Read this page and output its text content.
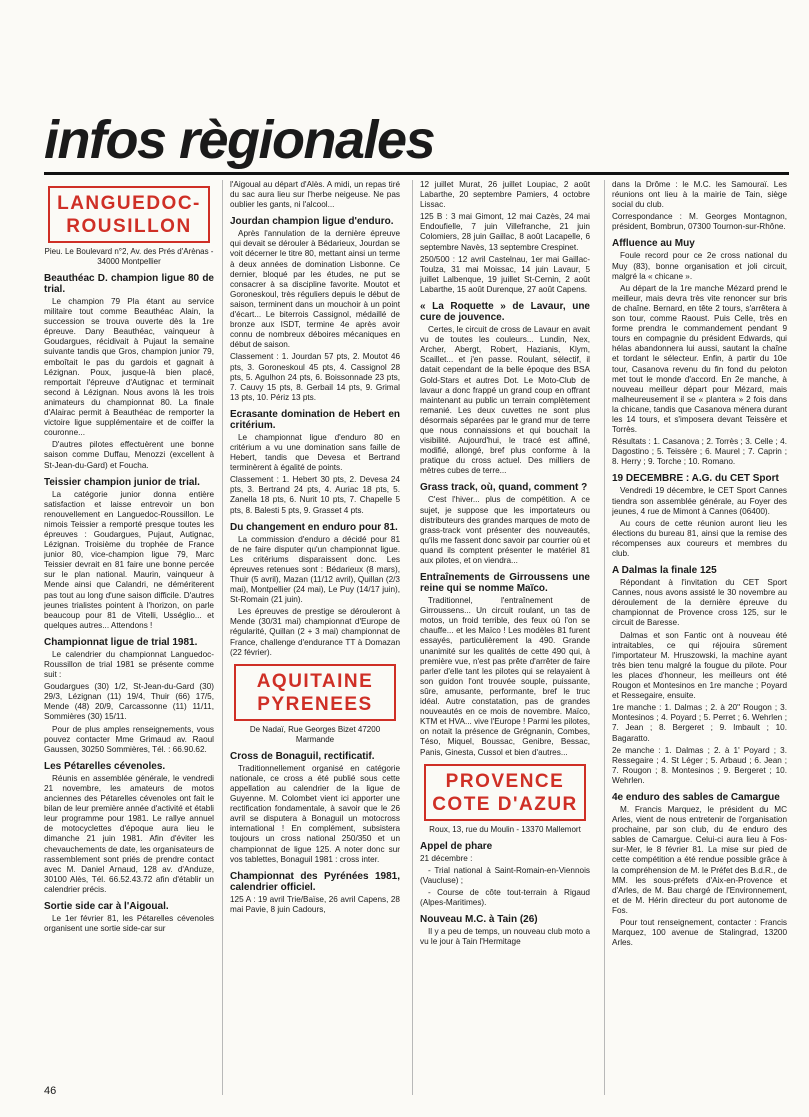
infos règionales
LANGUEDOC-ROUSILLON
Pieu. Le Boulevard n°2, Av. des Prés d'Arènas - 34000 Montpellier
Beauthéac D. champion ligue 80 de trial.

Le champion 79 Pla étant au service militaire tout comme Beauthéac Alain, la succession se trouva ouverte dès la 1re épreuve. Dany Beauthéac, vainqueur à Goudargues, récidivait à Pujaut la semaine suivante tandis que Gros, champion junior 79, emboîtait le pas du gardois et gagnait à Lézignan. Poux, jusque-là bien placé, remportait l'épreuve d'Autignac et terminait second à Lézignan. Nous avons là les trois animateurs du championnat 80. La finale d'Alairac permit à Beauthéac de remporter la victoire ligue supplémentaire et de coiffer la couronne...

D'autres pilotes effectuèrent une bonne saison comme Duffau, Menozzi (excellent à St-Jean-du-Gard) et Foucha.

Teissier champion junior de trial.

La catégorie junior donna entière satisfaction et laisse entrevoir un bon renouvellement en Languedoc-Roussillon. Le nimois Teissier a remporté presque toutes les épreuves : Goudargues, Pujaut, Autignac, Lézignan. Troisième du trophée de France junior 80, vice-champion ligue 79, Marc Teissier devrait en 81 faire une bonne percée sur le plan national. Maurin, vainqueur à Mende ainsi que Calandri, ne démériterent pas tout au long d'une saison difficile. D'autres jeunes trialistes pointent à l'horizon, on parle beaucoup pour 81 de Vitelli, Usséglio... et quelques autres... Attendons !

Championnat ligue de trial 1981.

Le calendrier du championnat Languedoc-Roussillon de trial 1981 se présente comme suit :

Goudargues (30) 1/2, St-Jean-du-Gard (30) 29/3, Lézignan (11) 19/4, Thuir (66) 17/5, Mende (48) 20/9, Carcassonne (11) 11/11, Sommières (30) 15/11.

Pour de plus amples renseignements, vous pouvez contacter Mme Grimaud av. Raoul Gaussen, 30250 Sommières, Tél. : 66.90.62.

Les Pétarelles cévenoles.

Réunis en assemblée générale, le vendredi 21 novembre, les amateurs de motos anciennes des Pétarelles cévenoles ont fait le bilan de leur première année d'activité et établi leur programme pour 1981. Le rallye annuel de motocyclettes d'époque aura lieu le dimanche 21 juin 1981. Afin d'éviter les chevauchements de date, les organisateurs de rassemblement sont priés de prendre contact avec M. Daniel Arnaud, 128 av. d'Anduze, 30100 Alès, Tél. 66.52.43.72 afin d'établir un calendrier précis.

Sortie side car à l'Aigoual.

Le 1er février 81, les Pétarelles cévenoles organisent une sortie side-car sur

l'Aigoual au départ d'Alès. A midi, un repas tiré du sac aura lieu sur l'herbe neigeuse. Ne pas oublier les gants, ni l'alcool...

Jourdan champion ligue d'enduro.

Après l'annulation de la dernière épreuve qui devait se dérouler à Bédarieux, Jourdan se voit décerner le titre 80, mettant ainsi un terme à deux années de domination Lisbonne. Ce dernier, bloqué par les études, ne put se consacrer à sa discipline favorite. Moutot et Goroneskoul, très réguliers depuis le début de saison, terminent dans un mouchoir à un point d'écart... Le biterrois Cassignol, médaillé de bronze aux ISDT, termine 4e après avoir connu de nombreux déboires mécaniques en début de saison.

Classement : 1. Jourdan 57 pts, 2. Moutot 46 pts, 3. Goroneskoul 45 pts, 4. Cassignol 28 pts, 5. Agulhon 24 pts, 6. Boissonnade 23 pts, 7. Cauvy 15 pts, 8. Gerbail 14 pts, 9. Grimal 13 pts, 10. Périz 13 pts.

Ecrasante domination de Hebert en critérium.

Le championnat ligue d'enduro 80 en critérium a vu une domination sans faille de Hebert, tandis que Devesa et Bertrand terminèrent à égalité de points.

Classement : 1. Hebert 30 pts, 2. Devesa 24 pts, 3. Bertrand 24 pts, 4. Auriac 18 pts, 5. Zanella 18 pts, 6. Nurit 10 pts, 7. Chapelle 5 pts, 8. Balesti 5 pts, 9. Grasset 4 pts.

Du changement en enduro pour 81.

La commission d'enduro a décidé pour 81 de ne faire disputer qu'un championnat ligue. Les critériums disparaissent donc. Les épreuves retenues sont : Bédarieux (8 mars), Thuir (5 avril), Mazan (11/12 avril), Quillan (2/3 mai), Montpellier (24 mai), Le Puy (14/17 juin), St-Romain (21 juin).

Les épreuves de prestige se dérouleront à Mende (30/31 mai) championnat d'Europe de régularité, Quillan (2 + 3 mai) championnat de France, challenge d'endurance TT à Domazan (22 février).

AQUITAINE PYRENEES
De Nadaï, Rue Georges Bizet 47200 Marmande
Cross de Bonaguil, rectificatif.

Traditionnellement organisé en catégorie nationale, ce cross a été publié sous cette appellation au calendrier de la ligue de Guyenne. M. Colombet vient ici apporter une rectification fondamentale, à savoir que le 26 avril se disputera à Bonaguil un motocross international ! En complément, subsistera toujours un cross national 250/350 et un championnat de ligue 125. A noter donc sur vos tablettes, Bonaguil 1981 : cross inter.

Championnat des Pyrénées 1981, calendrier officiel.

125 A : 19 avril Trie/Baïse, 26 avril Capens, 28 mai Pavie, 8 juin Cadours,

12 juillet Murat, 26 juillet Loupiac, 2 août Labarthe, 20 septembre Pamiers, 4 octobre Lissac.

125 B : 3 mai Gimont, 12 mai Cazès, 24 mai Endoufielle, 7 juin Villefranche, 21 juin Colomiers, 28 juin Gaillac, 8 août Lacapelle, 6 septembre Navès, 13 septembre Crespinet.

250/500 : 12 avril Castelnau, 1er mai Gaillac-Toulza, 31 mai Moissac, 14 juin Lavaur, 5 juillet Lalbenque, 19 juillet St-Cernin, 2 août Labarthe, 15 août Durenque, 27 août Capens.

« La Roquette » de Lavaur, une cure de jouvence.

Certes, le circuit de cross de Lavaur en avait vu de toutes les couleurs... Lundin, Nex, Archer, Abergt, Robert, Hazianis, Klym, Scaillet... et j'en passe. Roulant, sélectif, il datait cependant de la belle époque des BSA Gold-Stars et autres Dot. Le Moto-Club de lavaur a donc frappé un grand coup en offrant maintenant au public un terrain complètement remanié. Les deux cuvettes ne sont plus désormais séparées par le grand mur de terre que nous connaissions et qui bouchait la visibilité. Aujourd'hui, le tracé est affiné, modifié, allongé, bref plus conforme à la pratique du cross actuel. Des milliers de mètres cubes de terre...

Grass track, où, quand, comment ?

C'est l'hiver... plus de compétition. A ce sujet, je suppose que les importateurs ou distributeurs des grandes marques de moto de grass-track vont présenter des nouveautés, qu'ils me fassent donc savoir par courrier où et quand ils comptent présenter le matériel 81 aux pilotes, et on viendra...

Entraînements de Girroussens une reine qui se nomme Maïco.

Traditionnel, l'entraînement de Girroussens... Un circuit roulant, un tas de motos, un froid terrible, des feux où l'on se chauffe... et les Maïco ! Les modèles 81 furent essayés, particulièrement la 490. Grande unanimité sur les qualités de cette 490 qui, à première vue, n'est pas prête d'arrêter de faire parler d'elle tant les pilotes qui se relayaient à son guidon l'ont trouvée souple, puissante, sûre, amusante, performante, bref le truc idéal. Autre constatation, pas de grandes nouveautés en ce mois de novembre. Maïco, KTM et HVA... vive l'Europe ! Parmi les pilotes, on notait la présence de Grégnanin, Combes, Téso, Miquel, Boussac, Genibre, Bessac, Panis, Ginesta, Cussol et bien d'autres...

PROVENCE COTE D'AZUR
Roux, 13, rue du Moulin - 13370 Mallemort
Appel de phare

21 décembre :

- Trial national à Saint-Romain-en-Viennois (Vaucluse) ;

- Course de côte tout-terrain à Rigaud (Alpes-Maritimes).

Nouveau M.C. à Tain (26)

Il y a peu de temps, un nouveau club moto a vu le jour à Tain l'Hermitage

dans la Drôme : le M.C. les Samouraï. Les réunions ont lieu à la mairie de Tain, siège social du club.

Correspondance : M. Georges Montagnon, président, Bombrun, 07300 Tournon-sur-Rhône.

Affluence au Muy

Foule record pour ce 2e cross national du Muy (83), bonne organisation et joli circuit, malgré la « chicane ».

Au départ de la 1re manche Mézard prend le meilleur, mais devra très vite renoncer sur bris de chaîne. Bernard, en tête 2 tours, s'arrêtera à son tour, comme Raoust. Puis Celle, très en forme prendra le commandement pendant 9 tours en compagnie du président Edwards, qui hélas abandonnera lui aussi, sautant la chaîne et tordant le sélecteur. Enfin, à partir du 10e tour, Casanova revenu du fin fond du peloton met tout le monde d'accord. En 2e manche, à nouveau meilleur départ pour Mézard, mais malheureusement il se « plantera » 2 fois dans la chicane, tandis que Casanova ménera durant les 14 tours, et s'imposera devant Teissère et Torrès.

Résultats : 1. Casanova ; 2. Torrès ; 3. Celle ; 4. Dagostino ; 5. Teissère ; 6. Maurel ; 7. Caprin ; 8. Herry ; 9. Torche ; 10. Romano.

19 DECEMBRE : A.G. du CET Sport

Vendredi 19 décembre, le CET Sport Cannes tiendra son assemblée générale, au Foyer des jeunes, 4 rue de Mimont à Cannes (06400).

Au cours de cette réunion auront lieu les élections du bureau 81, ainsi que la remise des récompenses aux coureurs et membres du club.

A Dalmas la finale 125

Répondant à l'invitation du CET Sport Cannes, nous avons assisté le 30 novembre au déroulement de la dernière épreuve du championnat de Provence cross 125, sur le circuit de Baresse.

Dalmas et son Fantic ont à nouveau été intraitables, ce qui réjouira sûrement l'importateur M. Hruszowski, la machine ayant très bien tenu malgré la fougue du pilote. Pour les places d'honneur, les meilleurs ont été Rougon et Montesinos en 1re manche ; Poyard et Ressegaire, ensuite.

1re manche : 1. Dalmas ; 2. à 20" Rougon ; 3. Montesinos ; 4. Poyard ; 5. Perret ; 6. Wehrlen ; 7. Jean ; 8. Bergeret ; 9. Imbault ; 10. Bagaratto.

2e manche : 1. Dalmas ; 2. à 1' Poyard ; 3. Ressegaire ; 4. St Léger ; 5. Arbaud ; 6. Jean ; 7. Rougon ; 8. Montesinos ; 9. Bergeret ; 10. Wehrlen.

4e enduro des sables de Camargue

M. Francis Marquez, le président du MC Arles, vient de nous entretenir de l'organisation prochaine, par son club, du 4e enduro des sables de Camargue. Celui-ci aura lieu à Fos-sur-Mer, le 8 février 81. La mise sur pied de cette compétition a été rendue possible grâce à la compréhension de M. le Préfet des B.d.R., de MM. les sous-préfets d'Aix-en-Provence et d'Arles, de M. Bau chargé de l'Environnement, et de M. Hérin directeur du port autonome de Fos.

Pour tout renseignement, contacter : Francis Marquez, 100 avenue de Stalingrad, 13200 Arles.

46
